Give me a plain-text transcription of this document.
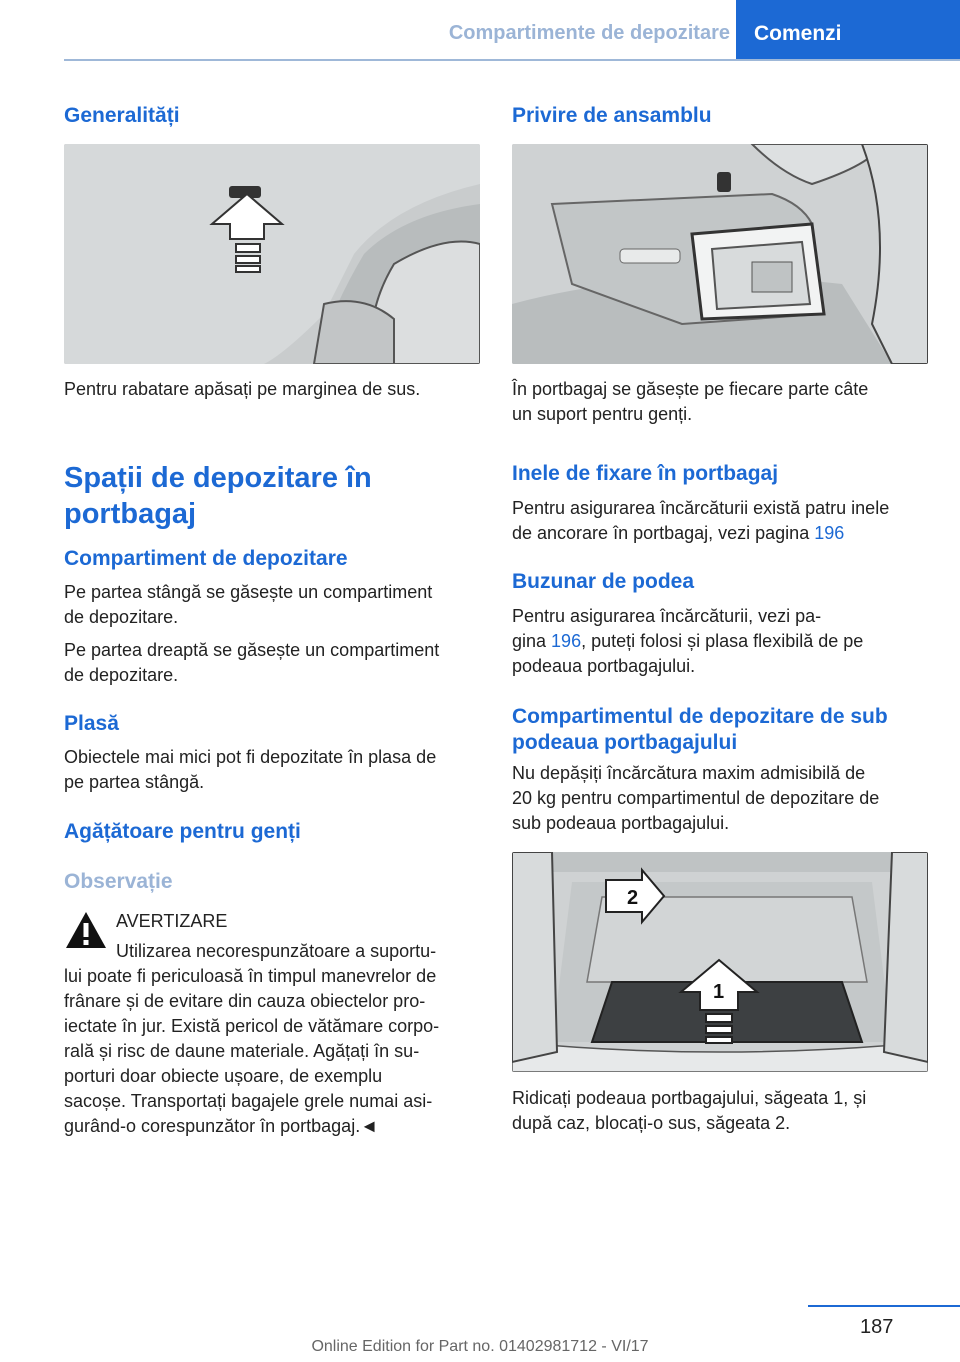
Compartimente de depozitare Comenzi
Generalități
Pentru rabatare apăsați pe marginea de sus.
Spații de depozitare în
portbagaj
Compartiment de depozitare
Pe partea stângă se găsește un compartiment
de depozitare.
Pe partea dreaptă se găsește un compartiment
de depozitare.
Plasă
Obiectele mai mici pot fi depozitate în plasa de
pe partea stângă.
Agățătoare pentru genți
Observație
AVERTIZARE
Utilizarea necorespunzătoare a suportu-
lui poate fi periculoasă în timpul manevrelor de
frânare și de evitare din cauza obiectelor pro-
iectate în jur. Există pericol de vătămare corpo-
rală și risc de daune materiale. Agățați în su-
porturi doar obiecte ușoare, de exemplu
sacoșe. Transportați bagajele grele numai asi-
gurând-o corespunzător în portbagaj.◄
Privire de ansamblu
În portbagaj se găsește pe fiecare parte câte
un suport pentru genți.
Inele de fixare în portbagaj
Pentru asigurarea încărcăturii există patru inele
de ancorare în portbagaj, vezi pagina 196
Buzunar de podea
Pentru asigurarea încărcăturii, vezi pa-
gina 196, puteți folosi și plasa flexibilă de pe
podeaua portbagajului.
Compartimentul de depozitare de sub
podeaua portbagajului
Nu depășiți încărcătura maxim admisibilă de
20 kg pentru compartimentul de depozitare de
sub podeaua portbagajului.
2
1
Ridicați podeaua portbagajului, săgeata 1, și
după caz, blocați-o sus, săgeata 2.
187
Online Edition for Part no. 01402981712 - VI/17
